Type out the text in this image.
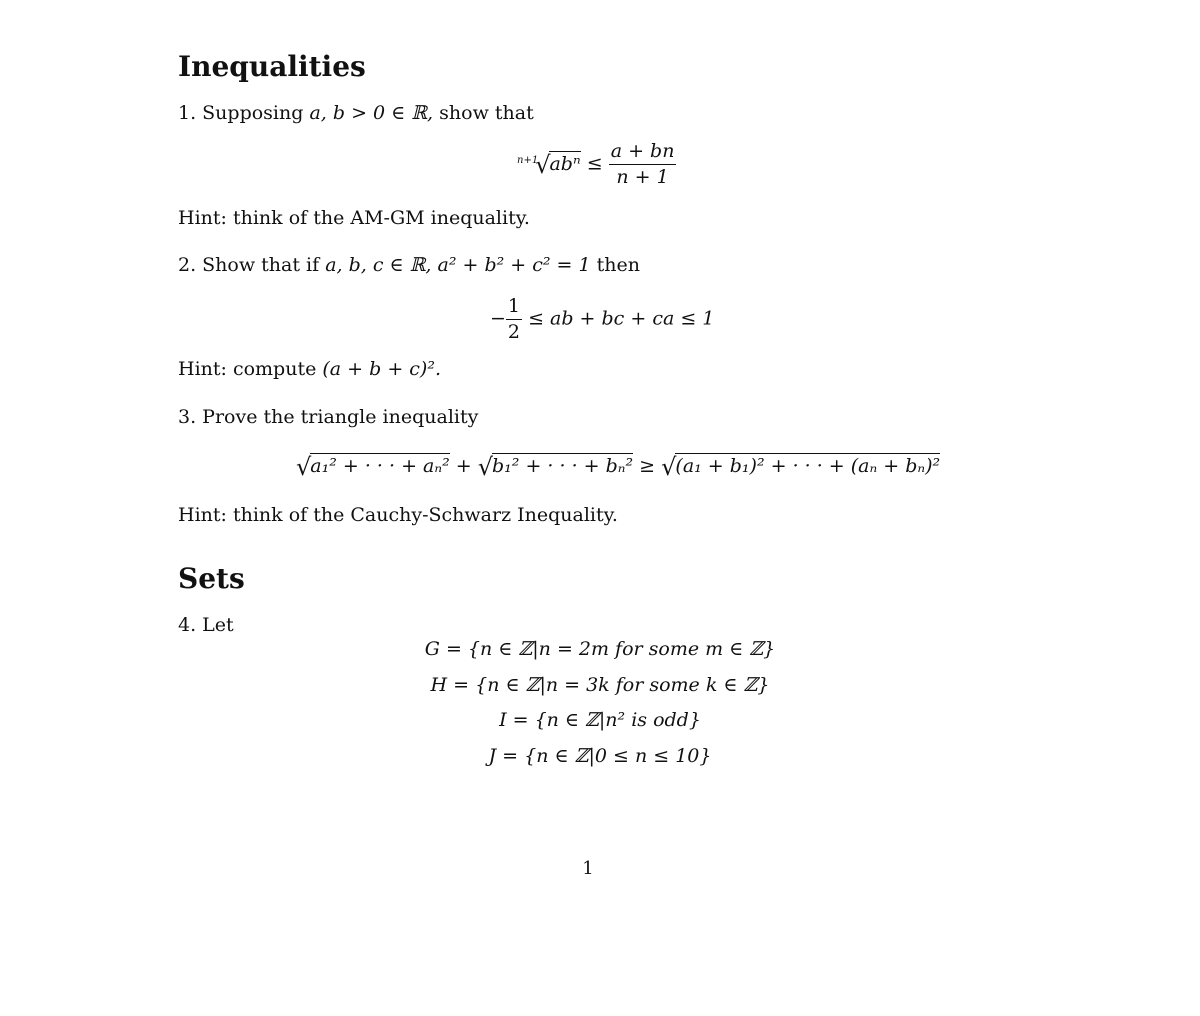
Inequalities

1. Supposing a, b > 0 ∈ ℝ, show that

$^{n+1}√ab^n \le \frac{a + bn}{n + 1}$

Hint: think of the AM-GM inequality.

2. Show that if a, b, c ∈ ℝ, a² + b² + c² = 1 then

− $\frac{1}{2}$ ≤ ab + bc + ca ≤ 1

Hint: compute (a + b + c)².

3. Prove the triangle inequality

√a₁² + · · · + aₙ² + √b₁² + · · · + bₙ² ≥ √(a₁ + b₁)² + · · · + (aₙ + bₙ)²

Hint: think of the Cauchy-Schwarz Inequality.

Sets

4. Let

G = {n ∈ ℤ|n = 2m for some m ∈ ℤ}
H = {n ∈ ℤ|n = 3k for some k ∈ ℤ}
I = {n ∈ ℤ|n² is odd}
J = {n ∈ ℤ|0 ≤ n ≤ 10}
1
